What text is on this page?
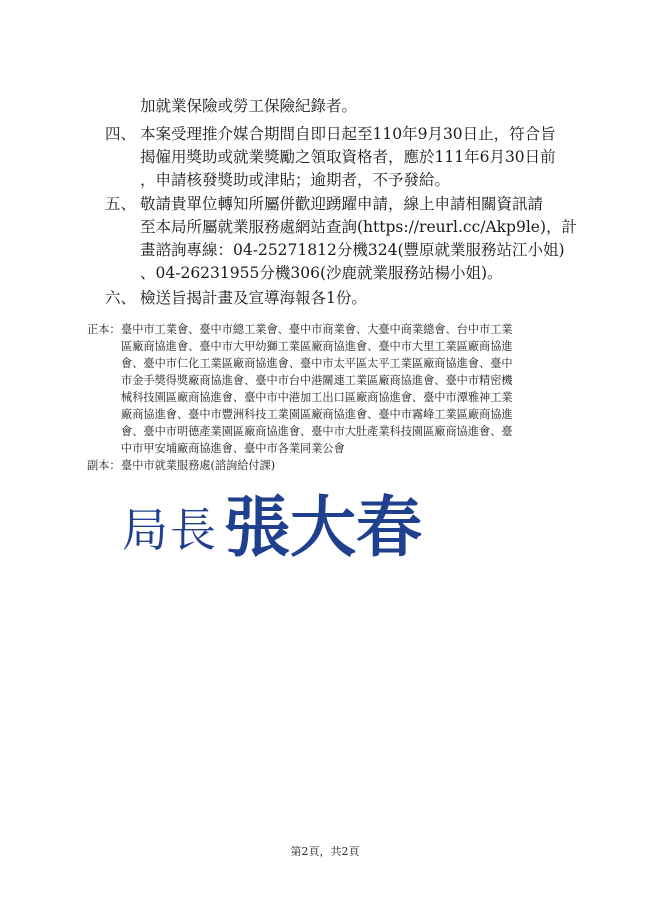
加就業保險或勞工保險紀錄者。
四、 本案受理推介媒合期間自即日起至110年9月30日止，符合旨
揭僱用獎助或就業獎勵之領取資格者，應於111年6月30日前
，申請核發獎助或津貼；逾期者，不予發給。
五、 敬請貴單位轉知所屬併歡迎踴躍申請，線上申請相關資訊請
至本局所屬就業服務處網站查詢(https://reurl.cc/Akp9le)，計
畫諮詢專線：04-25271812分機324(豐原就業服務站江小姐)
、04-26231955分機306(沙鹿就業服務站楊小姐)。
六、 檢送旨揭計畫及宣導海報各1份。
正本： 臺中市工業會、臺中市總工業會、臺中市商業會、大臺中商業總會、台中市工業
區廠商協進會、臺中市大甲幼獅工業區廠商協進會、臺中市大里工業區廠商協進
會、臺中市仁化工業區廠商協進會、臺中市太平區太平工業區廠商協進會、臺中
市金手獎得獎廠商協進會、臺中市台中港關連工業區廠商協進會、臺中市精密機
械科技園區廠商協進會、臺中市中港加工出口區廠商協進會、臺中市潭雅神工業
廠商協進會、臺中市豐洲科技工業園區廠商協進會、臺中市霧峰工業區廠商協進
會、臺中市明德產業園區廠商協進會、臺中市大肚產業科技園區廠商協進會、臺
中市甲安埔廠商協進會、臺中市各業同業公會
副本： 臺中市就業服務處(諮詢給付課)
局長 張大春
第2頁，共2頁
